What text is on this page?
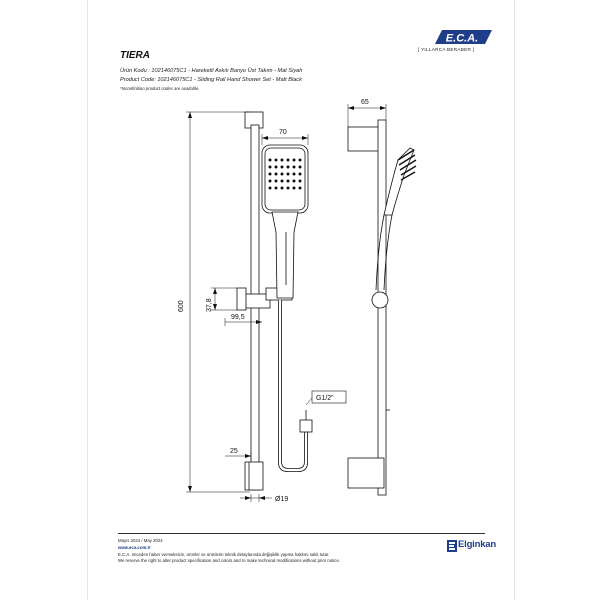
E.C.A.
[ YILLARCA BERABER ]
TIERA
Ürün Kodu : 102146075C1 - Hareketli Askılı Banyo Üst Takım - Mat Siyah
Product Code: 102146075C1 - Sliding Rail Hand Shower Set - Matt Black
*Inconfinition product codes are available.
70
65
600	37,8
99,5
G1/2"
25
Ø19
Mayıs 2024 / May 2024
www.eca.com.tr
E.C.A. önceden haber vermeksizin, ürünler ve ürünlerin teknik detaylarında değişiklik yapma hakkını saklı tutar.
We reserve the right to alter product specification and colors and to make technical modifications without prior notice.
Elginkan
